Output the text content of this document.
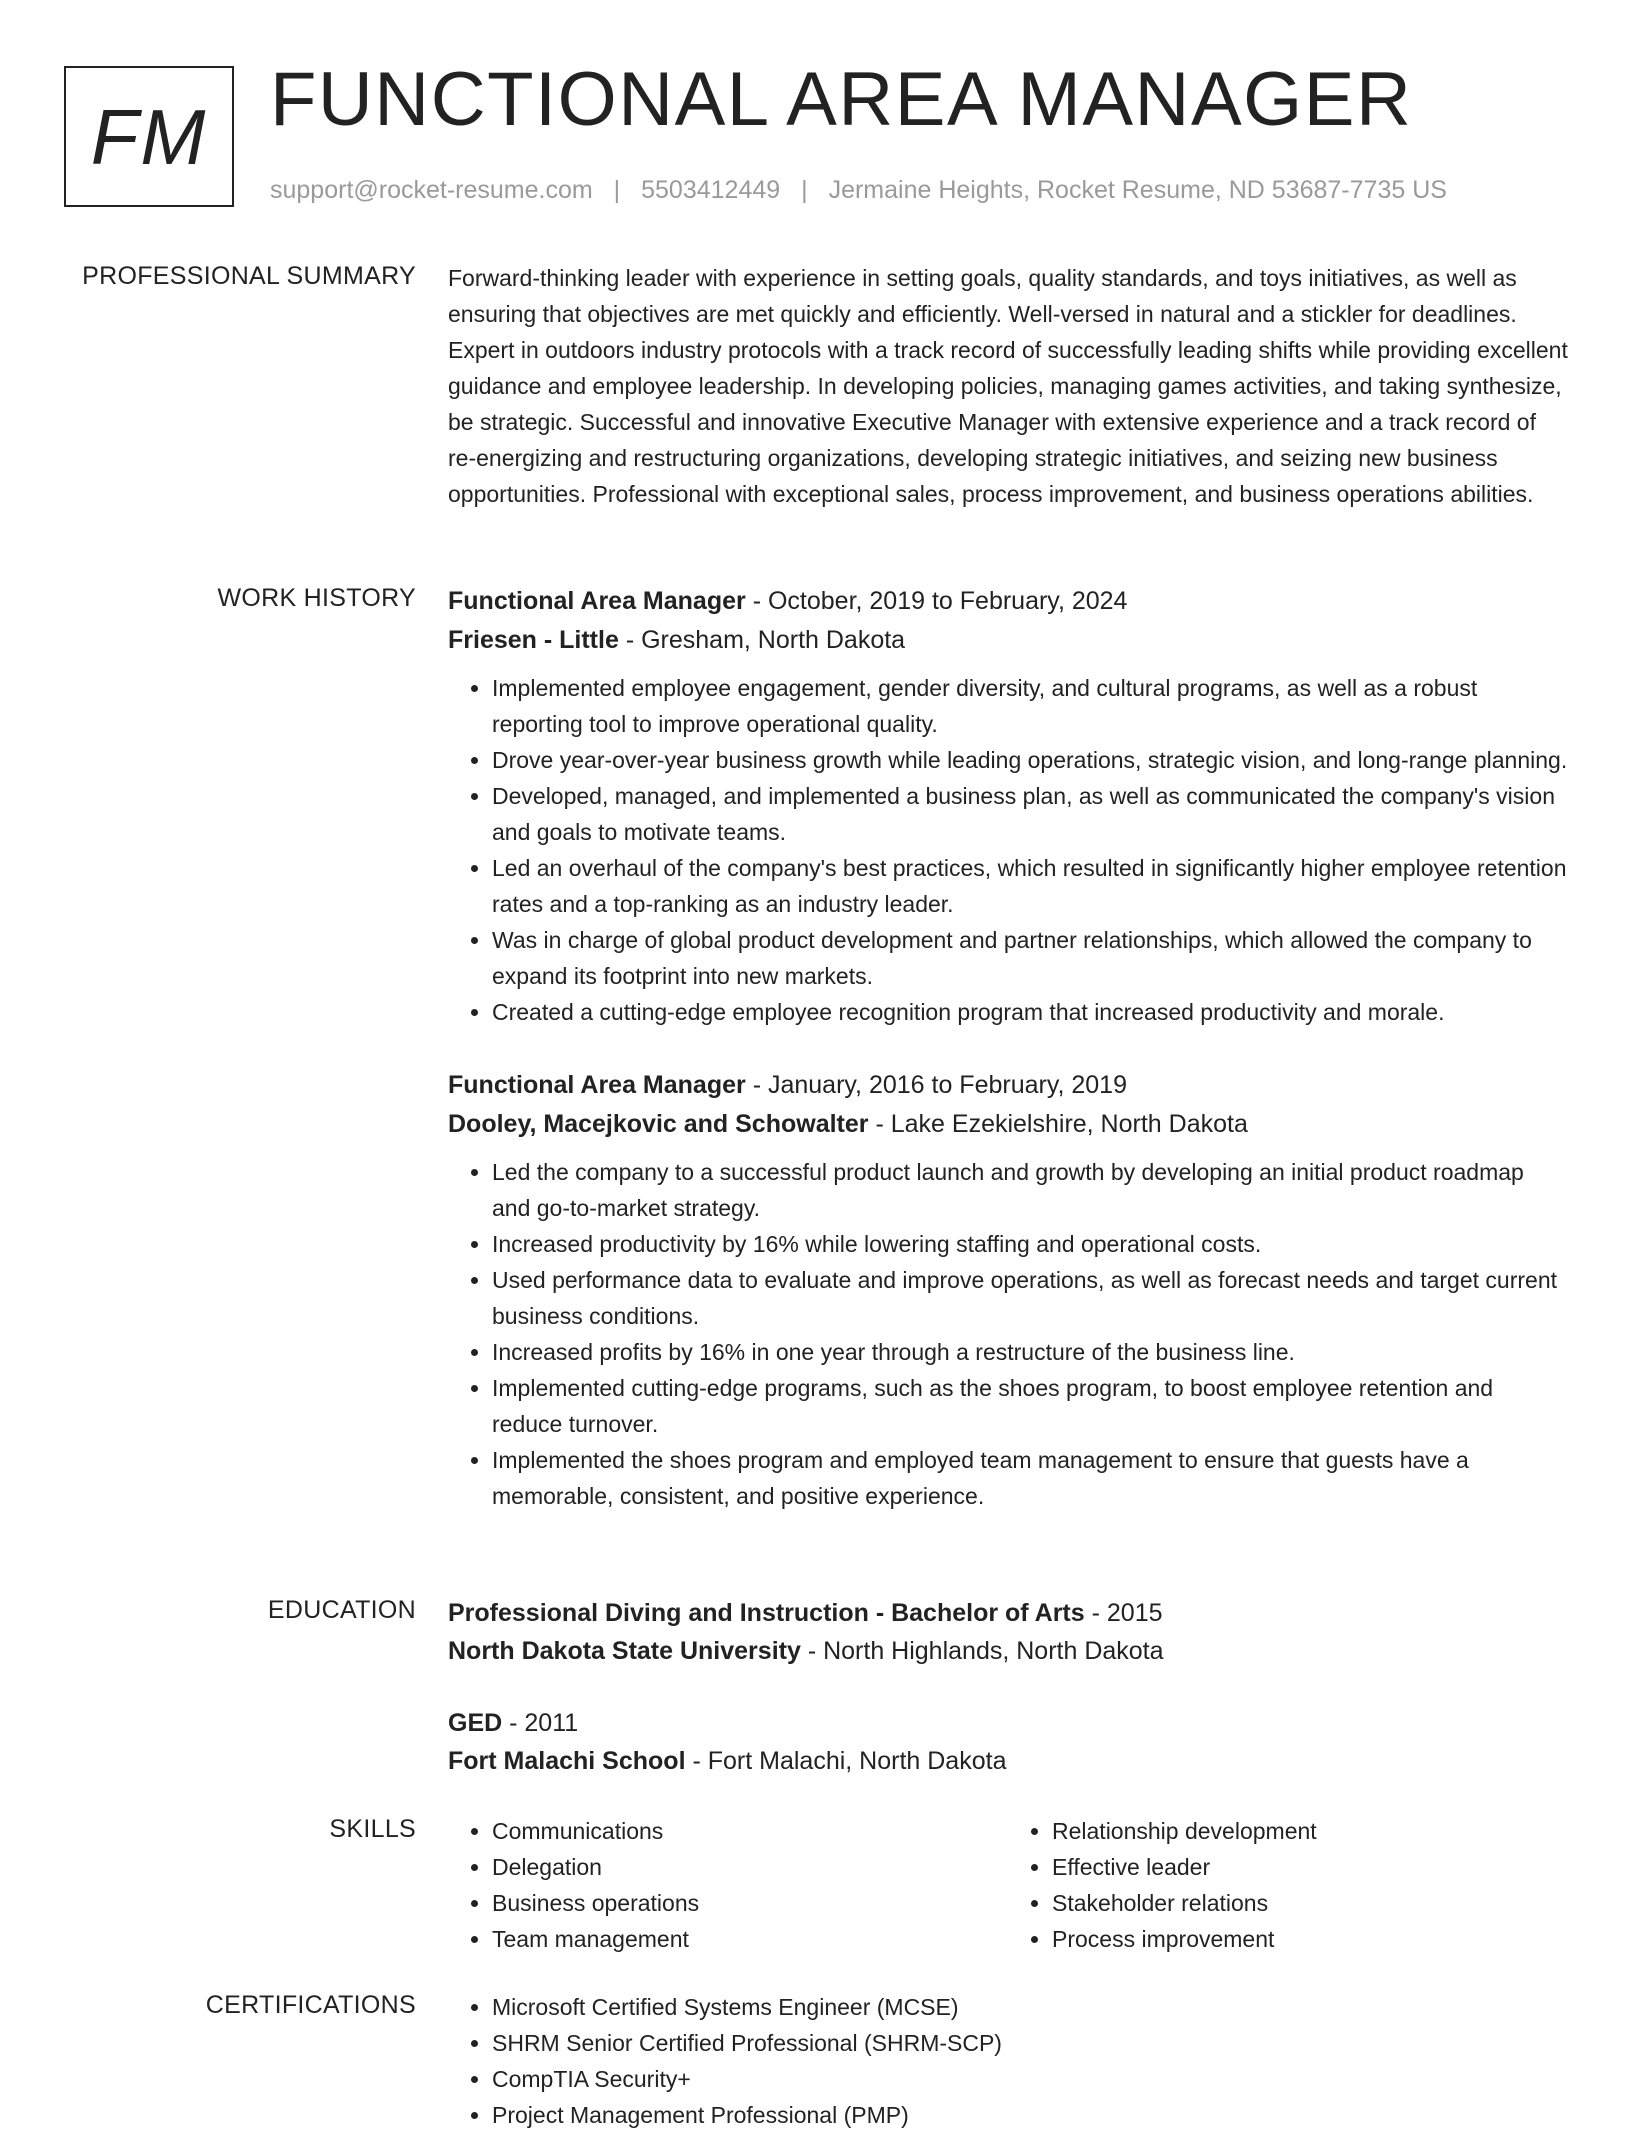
FM FUNCTIONAL AREA MANAGER
support@rocket-resume.com | 5503412449 | Jermaine Heights, Rocket Resume, ND 53687-7735 US
PROFESSIONAL SUMMARY Forward-thinking leader with experience in setting goals, quality standards, and toys initiatives, as well as ensuring that objectives are met quickly and efficiently. Well-versed in natural and a stickler for deadlines. Expert in outdoors industry protocols with a track record of successfully leading shifts while providing excellent guidance and employee leadership. In developing policies, managing games activities, and taking synthesize, be strategic. Successful and innovative Executive Manager with extensive experience and a track record of re-energizing and restructuring organizations, developing strategic initiatives, and seizing new business opportunities. Professional with exceptional sales, process improvement, and business operations abilities.

WORK HISTORY Functional Area Manager - October, 2019 to February, 2024
Friesen - Little - Gresham, North Dakota
• Implemented employee engagement, gender diversity, and cultural programs, as well as a robust reporting tool to improve operational quality.
• Drove year-over-year business growth while leading operations, strategic vision, and long-range planning.
• Developed, managed, and implemented a business plan, as well as communicated the company's vision and goals to motivate teams.
• Led an overhaul of the company's best practices, which resulted in significantly higher employee retention rates and a top-ranking as an industry leader.
• Was in charge of global product development and partner relationships, which allowed the company to expand its footprint into new markets.
• Created a cutting-edge employee recognition program that increased productivity and morale.
Functional Area Manager - January, 2016 to February, 2019
Dooley, Macejkovic and Schowalter - Lake Ezekielshire, North Dakota
• Led the company to a successful product launch and growth by developing an initial product roadmap and go-to-market strategy.
• Increased productivity by 16% while lowering staffing and operational costs.
• Used performance data to evaluate and improve operations, as well as forecast needs and target current business conditions.
• Increased profits by 16% in one year through a restructure of the business line.
• Implemented cutting-edge programs, such as the shoes program, to boost employee retention and reduce turnover.
• Implemented the shoes program and employed team management to ensure that guests have a memorable, consistent, and positive experience.
EDUCATION Professional Diving and Instruction - Bachelor of Arts - 2015
North Dakota State University - North Highlands, North Dakota
GED - 2011
Fort Malachi School - Fort Malachi, North Dakota
SKILLS	• Communications
• Delegation
• Business operations
• Team management
• Relationship development
• Effective leader
• Stakeholder relations
• Process improvement
CERTIFICATIONS	• Microsoft Certified Systems Engineer (MCSE)
• SHRM Senior Certified Professional (SHRM-SCP)
• CompTIA Security+
• Project Management Professional (PMP)
